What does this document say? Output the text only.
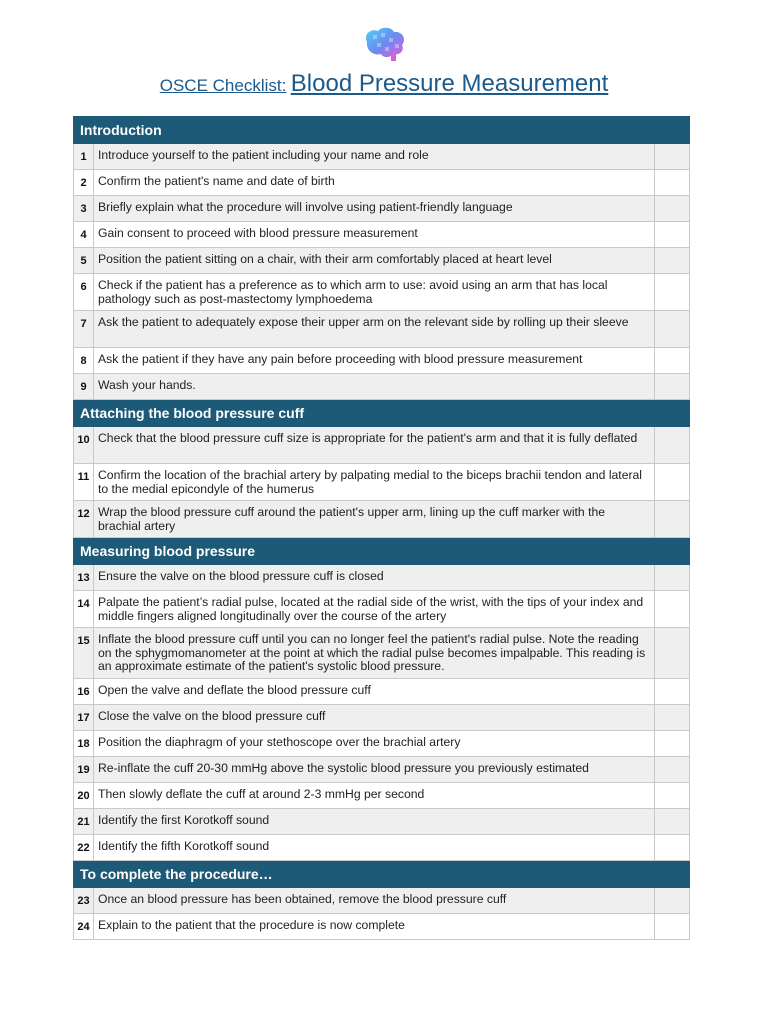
OSCE Checklist: Blood Pressure Measurement
Introduction		
1	Introduce yourself to the patient including your name and role	
2	Confirm the patient's name and date of birth	
3	Briefly explain what the procedure will involve using patient-friendly language	
4	Gain consent to proceed with blood pressure measurement	
5	Position the patient sitting on a chair, with their arm comfortably placed at heart level	
6	Check if the patient has a preference as to which arm to use: avoid using an arm that has local pathology such as post-mastectomy lymphoedema	
7	Ask the patient to adequately expose their upper arm on the relevant side by rolling up their sleeve	
8	Ask the patient if they have any pain before proceeding with blood pressure measurement	
9	Wash your hands.	
Attaching the blood pressure cuff		
10	Check that the blood pressure cuff size is appropriate for the patient's arm and that it is fully deflated	
11	Confirm the location of the brachial artery by palpating medial to the biceps brachii tendon and lateral to the medial epicondyle of the humerus	
12	Wrap the blood pressure cuff around the patient's upper arm, lining up the cuff marker with the brachial artery	
Measuring blood pressure		
13	Ensure the valve on the blood pressure cuff is closed	
14	Palpate the patient’s radial pulse, located at the radial side of the wrist, with the tips of your index and middle fingers aligned longitudinally over the course of the artery	
15	Inflate the blood pressure cuff until you can no longer feel the patient's radial pulse. Note the reading on the sphygmomanometer at the point at which the radial pulse becomes impalpable. This reading is an approximate estimate of the patient's systolic blood pressure.	
16	Open the valve and deflate the blood pressure cuff	
17	Close the valve on the blood pressure cuff	
18	Position the diaphragm of your stethoscope over the brachial artery	
19	Re-inflate the cuff 20-30 mmHg above the systolic blood pressure you previously estimated	
20	Then slowly deflate the cuff at around 2-3 mmHg per second	
21	Identify the first Korotkoff sound	
22	Identify the fifth Korotkoff sound	
To complete the procedure…		
23	Once an blood pressure has been obtained, remove the blood pressure cuff	
24	Explain to the patient that the procedure is now complete	
